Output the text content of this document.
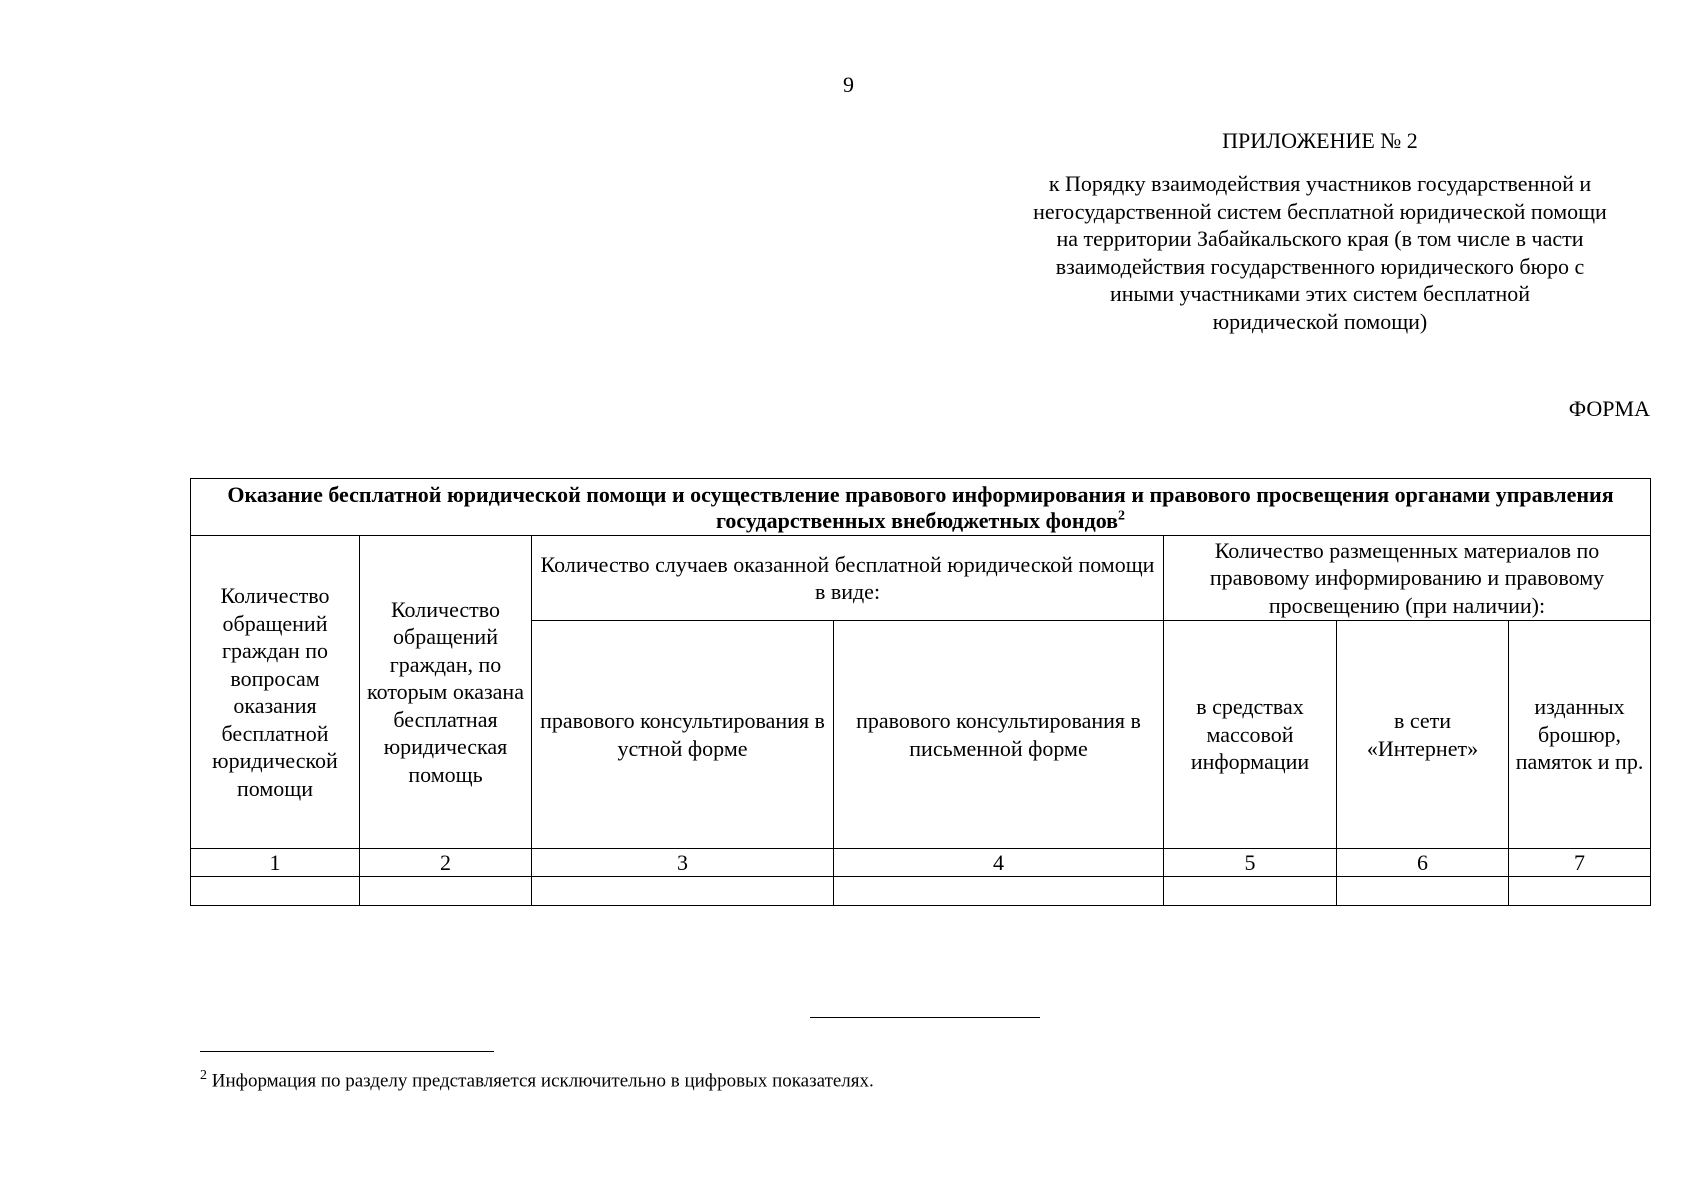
9
ПРИЛОЖЕНИЕ № 2
к Порядку взаимодействия участников государственной и
негосударственной систем бесплатной юридической помощи
на территории Забайкальского края (в том числе в части
взаимодействия государственного юридического бюро с
иными участниками этих систем бесплатной
юридической помощи)
ФОРМА
Оказание бесплатной юридической помощи и осуществление правового информирования и правового просвещения органами управления государственных внебюджетных фондов$^2$
Количество обращений граждан по вопросам оказания бесплатной юридической помощи	Количество обращений граждан, по которым оказана бесплатная юридическая помощь	Количество случаев оказанной бесплатной юридической помощи в виде:		Количество размещенных материалов по правовому информированию и правовому просвещению (при наличии):		
		правового консультирования в устной форме	правового консультирования в письменной форме	в средствах массовой информации	в сети «Интернет»	изданных брошюр, памяток и пр.
1	2	3	4	5	6	7

$^2$ Информация по разделу представляется исключительно в цифровых показателях.
